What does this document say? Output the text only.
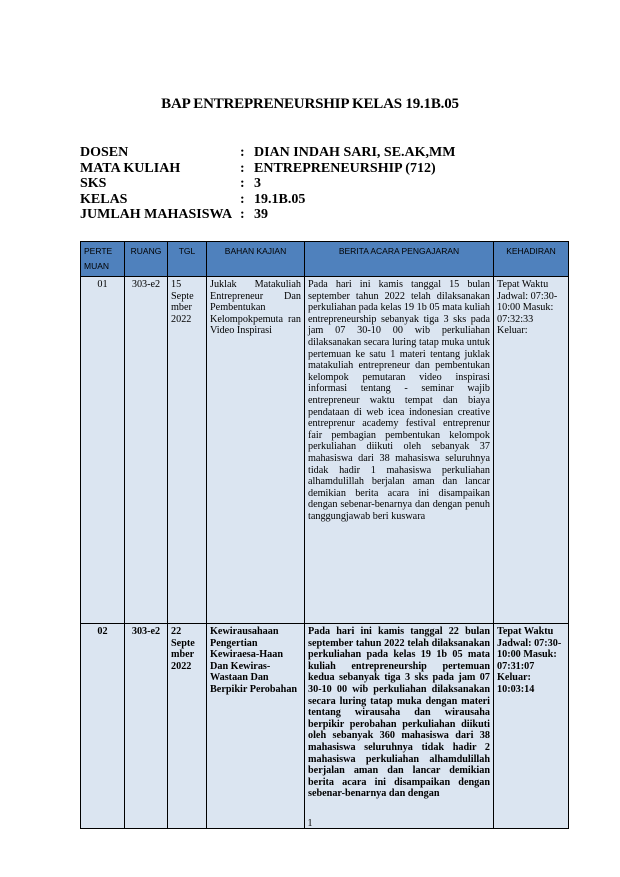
BAP ENTREPRENEURSHIP KELAS 19.1B.05
DOSEN	: DIAN INDAH SARI, SE.AK,MM
MATA KULIAH	: ENTREPRENEURSHIP (712)
SKS	: 3
KELAS	: 19.1B.05
JUMLAH MAHASISWA : 39
PERTE MUAN	RUANG	TGL	BAHAN KAJIAN	BERITA ACARA PENGAJARAN	KEHADIRAN
01	303-e2	15 Septe mber 2022	Juklak Matakuliah Entrepreneur Dan Pembentukan Kelompokpemuta ran Video Inspirasi	Pada hari ini kamis tanggal 15 bulan september tahun 2022 telah dilaksanakan perkuliahan pada kelas 19 1b 05 mata kuliah entrepreneurship sebanyak tiga 3 sks pada jam 07 30-10 00 wib perkuliahan dilaksanakan secara luring tatap muka untuk pertemuan ke satu 1 materi tentang juklak matakuliah entrepreneur dan pembentukan kelompok pemutaran video inspirasi informasi tentang - seminar wajib entrepreneur waktu tempat dan biaya pendataan di web icea indonesian creative entreprenur academy festival entreprenur fair pembagian pembentukan kelompok perkuliahan diikuti oleh sebanyak 37 mahasiswa dari 38 mahasiswa seluruhnya tidak hadir 1 mahasiswa perkuliahan alhamdulillah berjalan aman dan lancar demikian berita acara ini disampaikan dengan sebenar-benarnya dan dengan penuh tanggungjawab beri kuswara	Tepat Waktu Jadwal: 07:30-10:00 Masuk: 07:32:33 Keluar:
02	303-e2	22 Septe mber 2022	Kewirausahaan Pengertian Kewiraesa-Haan Dan Kewiras-Wastaan Dan Berpikir Perobahan	Pada hari ini kamis tanggal 22 bulan september tahun 2022 telah dilaksanakan perkuliahan pada kelas 19 1b 05 mata kuliah entrepreneurship pertemuan kedua sebanyak tiga 3 sks pada jam 07 30-10 00 wib perkuliahan dilaksanakan secara luring tatap muka dengan materi tentang wirausaha dan wirausaha berpikir perobahan perkuliahan diikuti oleh sebanyak 360 mahasiswa dari 38 mahasiswa seluruhnya tidak hadir 2 mahasiswa perkuliahan alhamdulillah berjalan aman dan lancar demikian berita acara ini disampaikan dengan sebenar-benarnya dan dengan	Tepat Waktu Jadwal: 07:30-10:00 Masuk: 07:31:07 Keluar: 10:03:14
1
